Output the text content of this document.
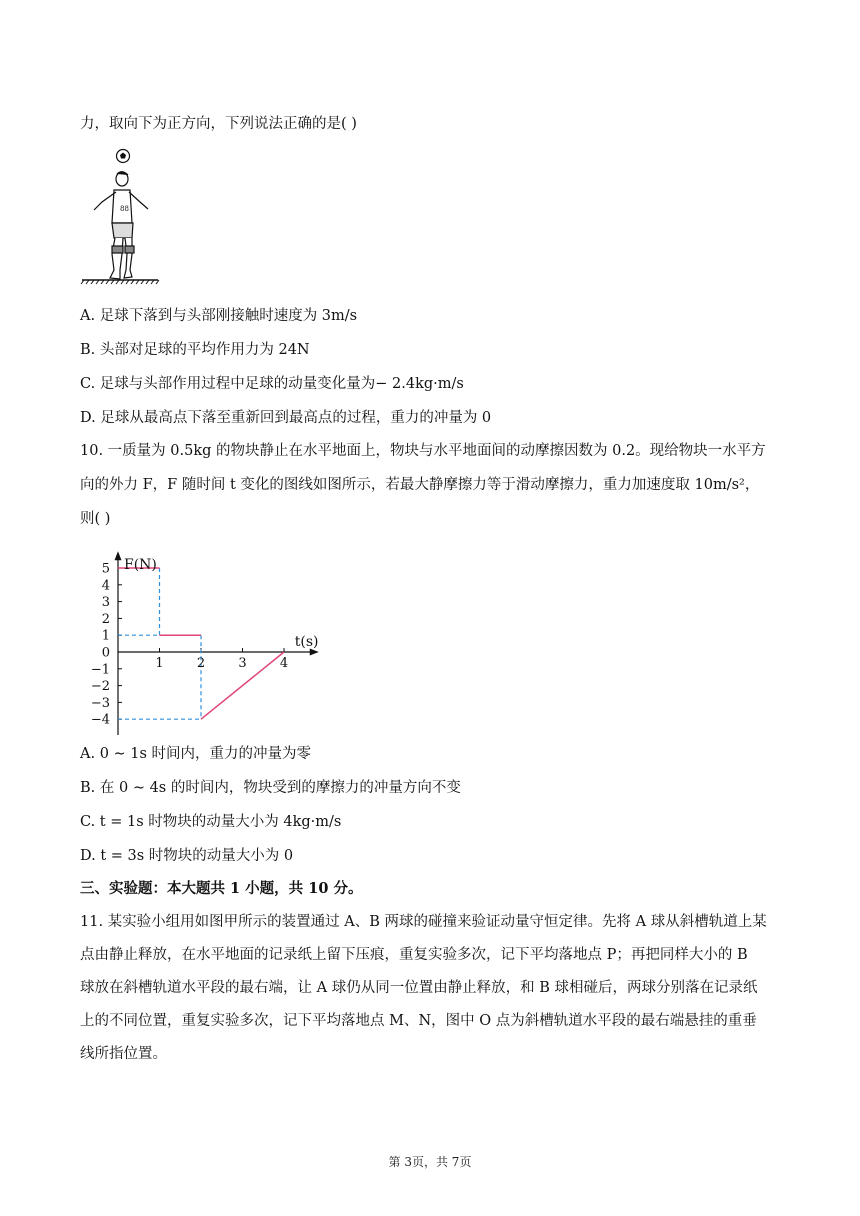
力，取向下为正方向，下列说法正确的是( )
88
A. 足球下落到与头部刚接触时速度为 3m/s
B. 头部对足球的平均作用力为 24N
C. 足球与头部作用过程中足球的动量变化量为− 2.4kg·m/s
D. 足球从最高点下落至重新回到最高点的过程，重力的冲量为 0
10. 一质量为 0.5kg 的物块静止在水平地面上，物块与水平地面间的动摩擦因数为 0.2。现给物块一水平方
向的外力 F，F 随时间 t 变化的图线如图所示，若最大静摩擦力等于滑动摩擦力，重力加速度取 10m/s²，
则( )
F(N)
t(s)
5
4
3
2
1
0
−1
−2
−3
−4
1	2	3	4
A. 0 ∼ 1s 时间内，重力的冲量为零
B. 在 0 ∼ 4s 的时间内，物块受到的摩擦力的冲量方向不变
C. t = 1s 时物块的动量大小为 4kg·m/s
D. t = 3s 时物块的动量大小为 0
三、实验题：本大题共 1 小题，共 10 分。
11. 某实验小组用如图甲所示的装置通过 A、B 两球的碰撞来验证动量守恒定律。先将 A 球从斜槽轨道上某
点由静止释放，在水平地面的记录纸上留下压痕，重复实验多次，记下平均落地点 P；再把同样大小的 B
球放在斜槽轨道水平段的最右端，让 A 球仍从同一位置由静止释放，和 B 球相碰后，两球分别落在记录纸
上的不同位置，重复实验多次，记下平均落地点 M、N，图中 O 点为斜槽轨道水平段的最右端悬挂的重垂
线所指位置。
第 3页，共 7页
